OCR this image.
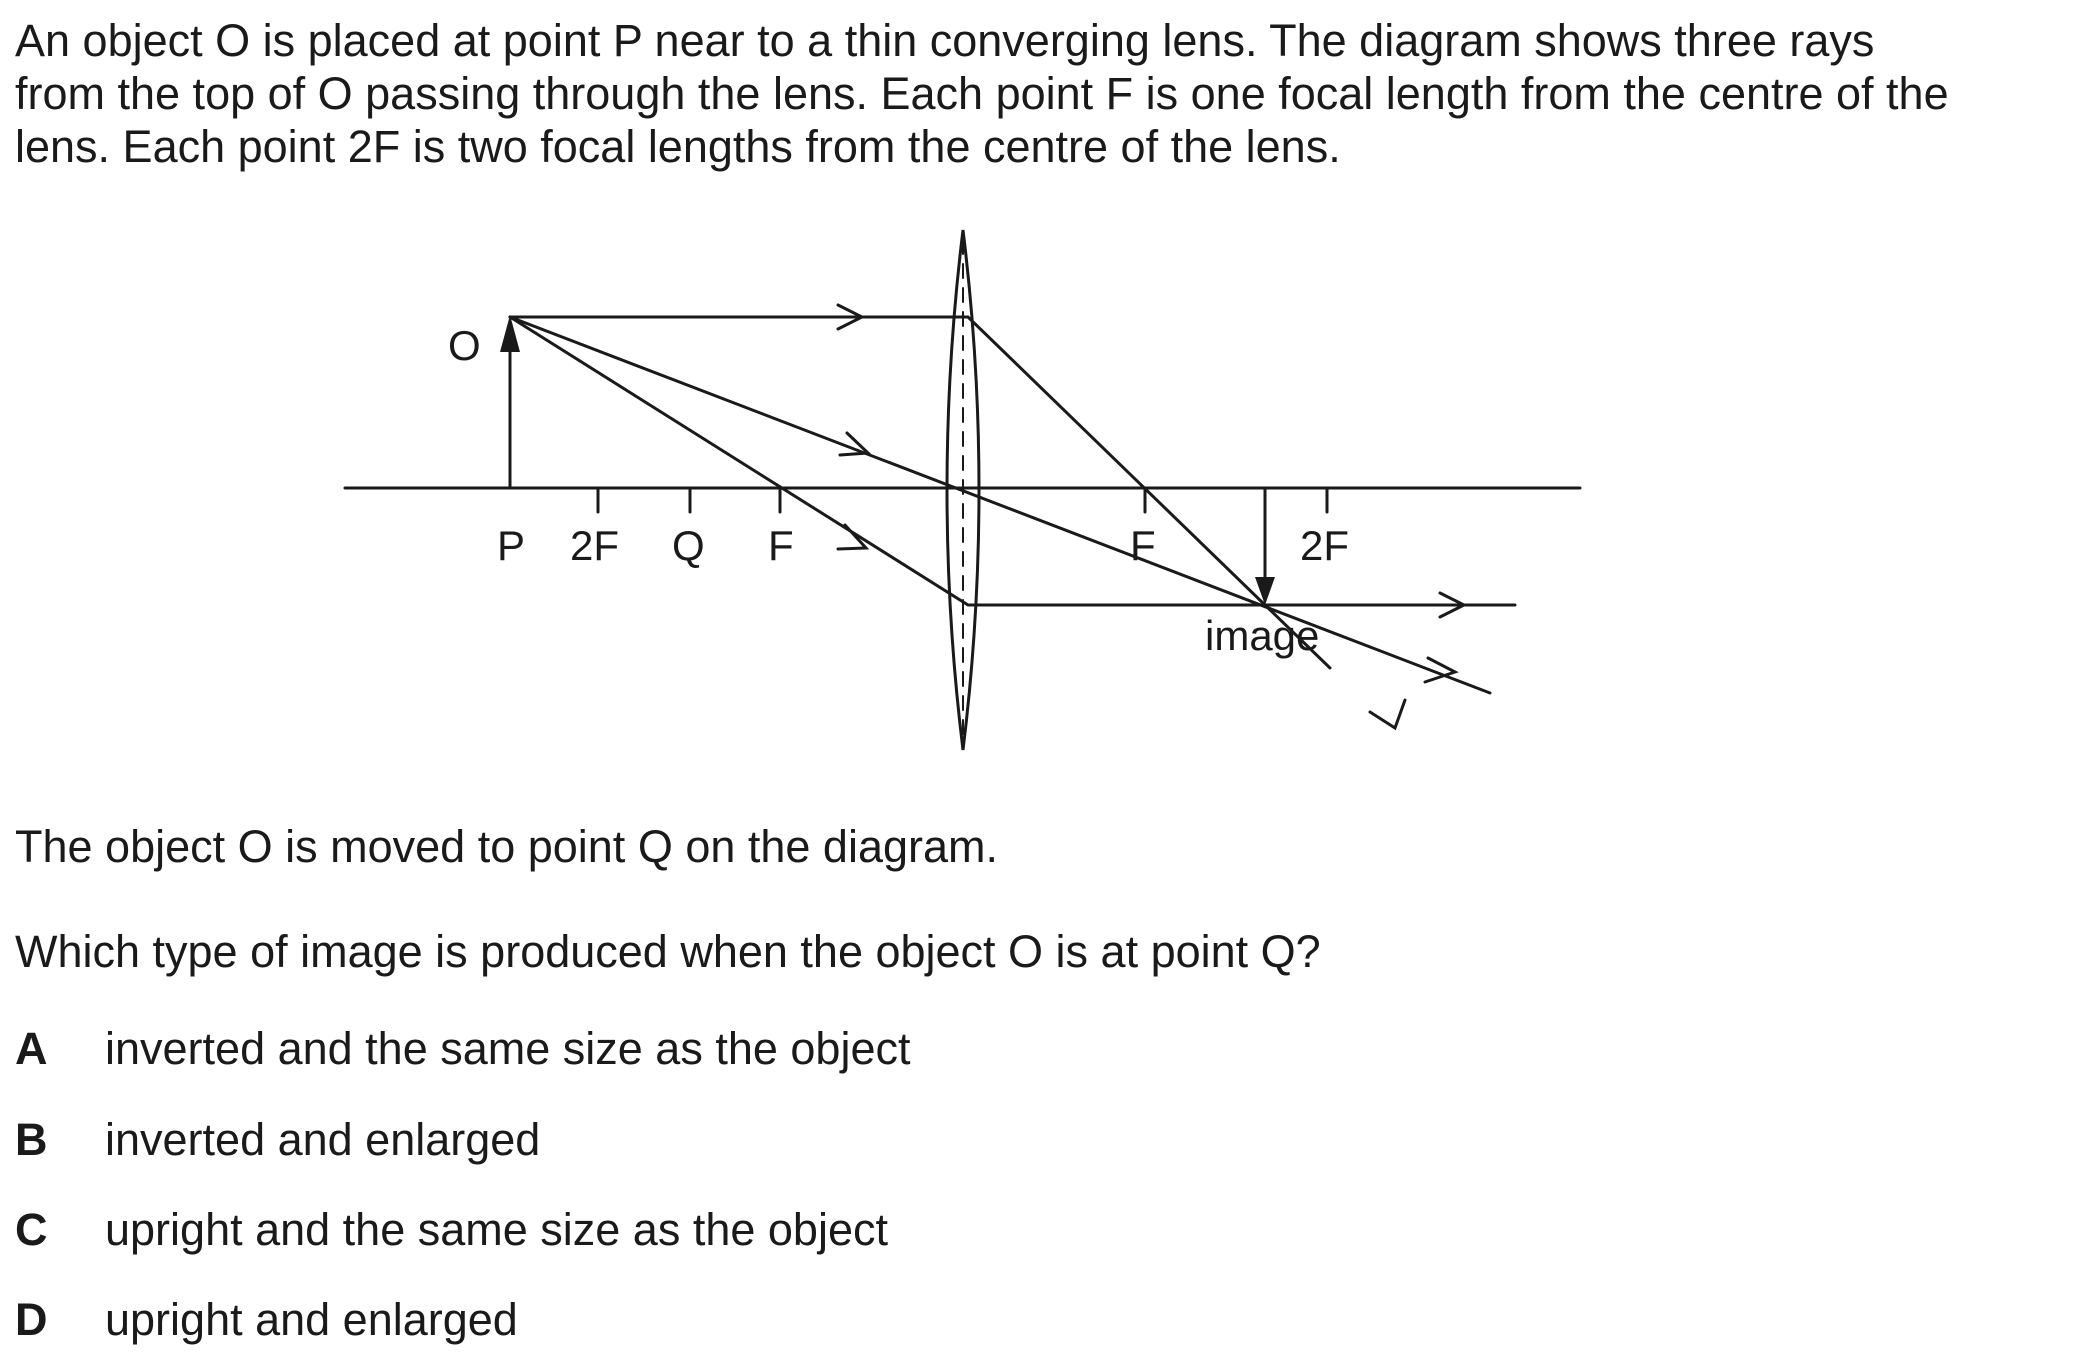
An object O is placed at point P near to a thin converging lens. The diagram shows three rays
from the top of O passing through the lens. Each point F is one focal length from the centre of the
lens. Each point 2F is two focal lengths from the centre of the lens.
O
P 2F Q F	F	2F
image
The object O is moved to point Q on the diagram.
Which type of image is produced when the object O is at point Q?
A inverted and the same size as the object
B inverted and enlarged
C upright and the same size as the object
D upright and enlarged
